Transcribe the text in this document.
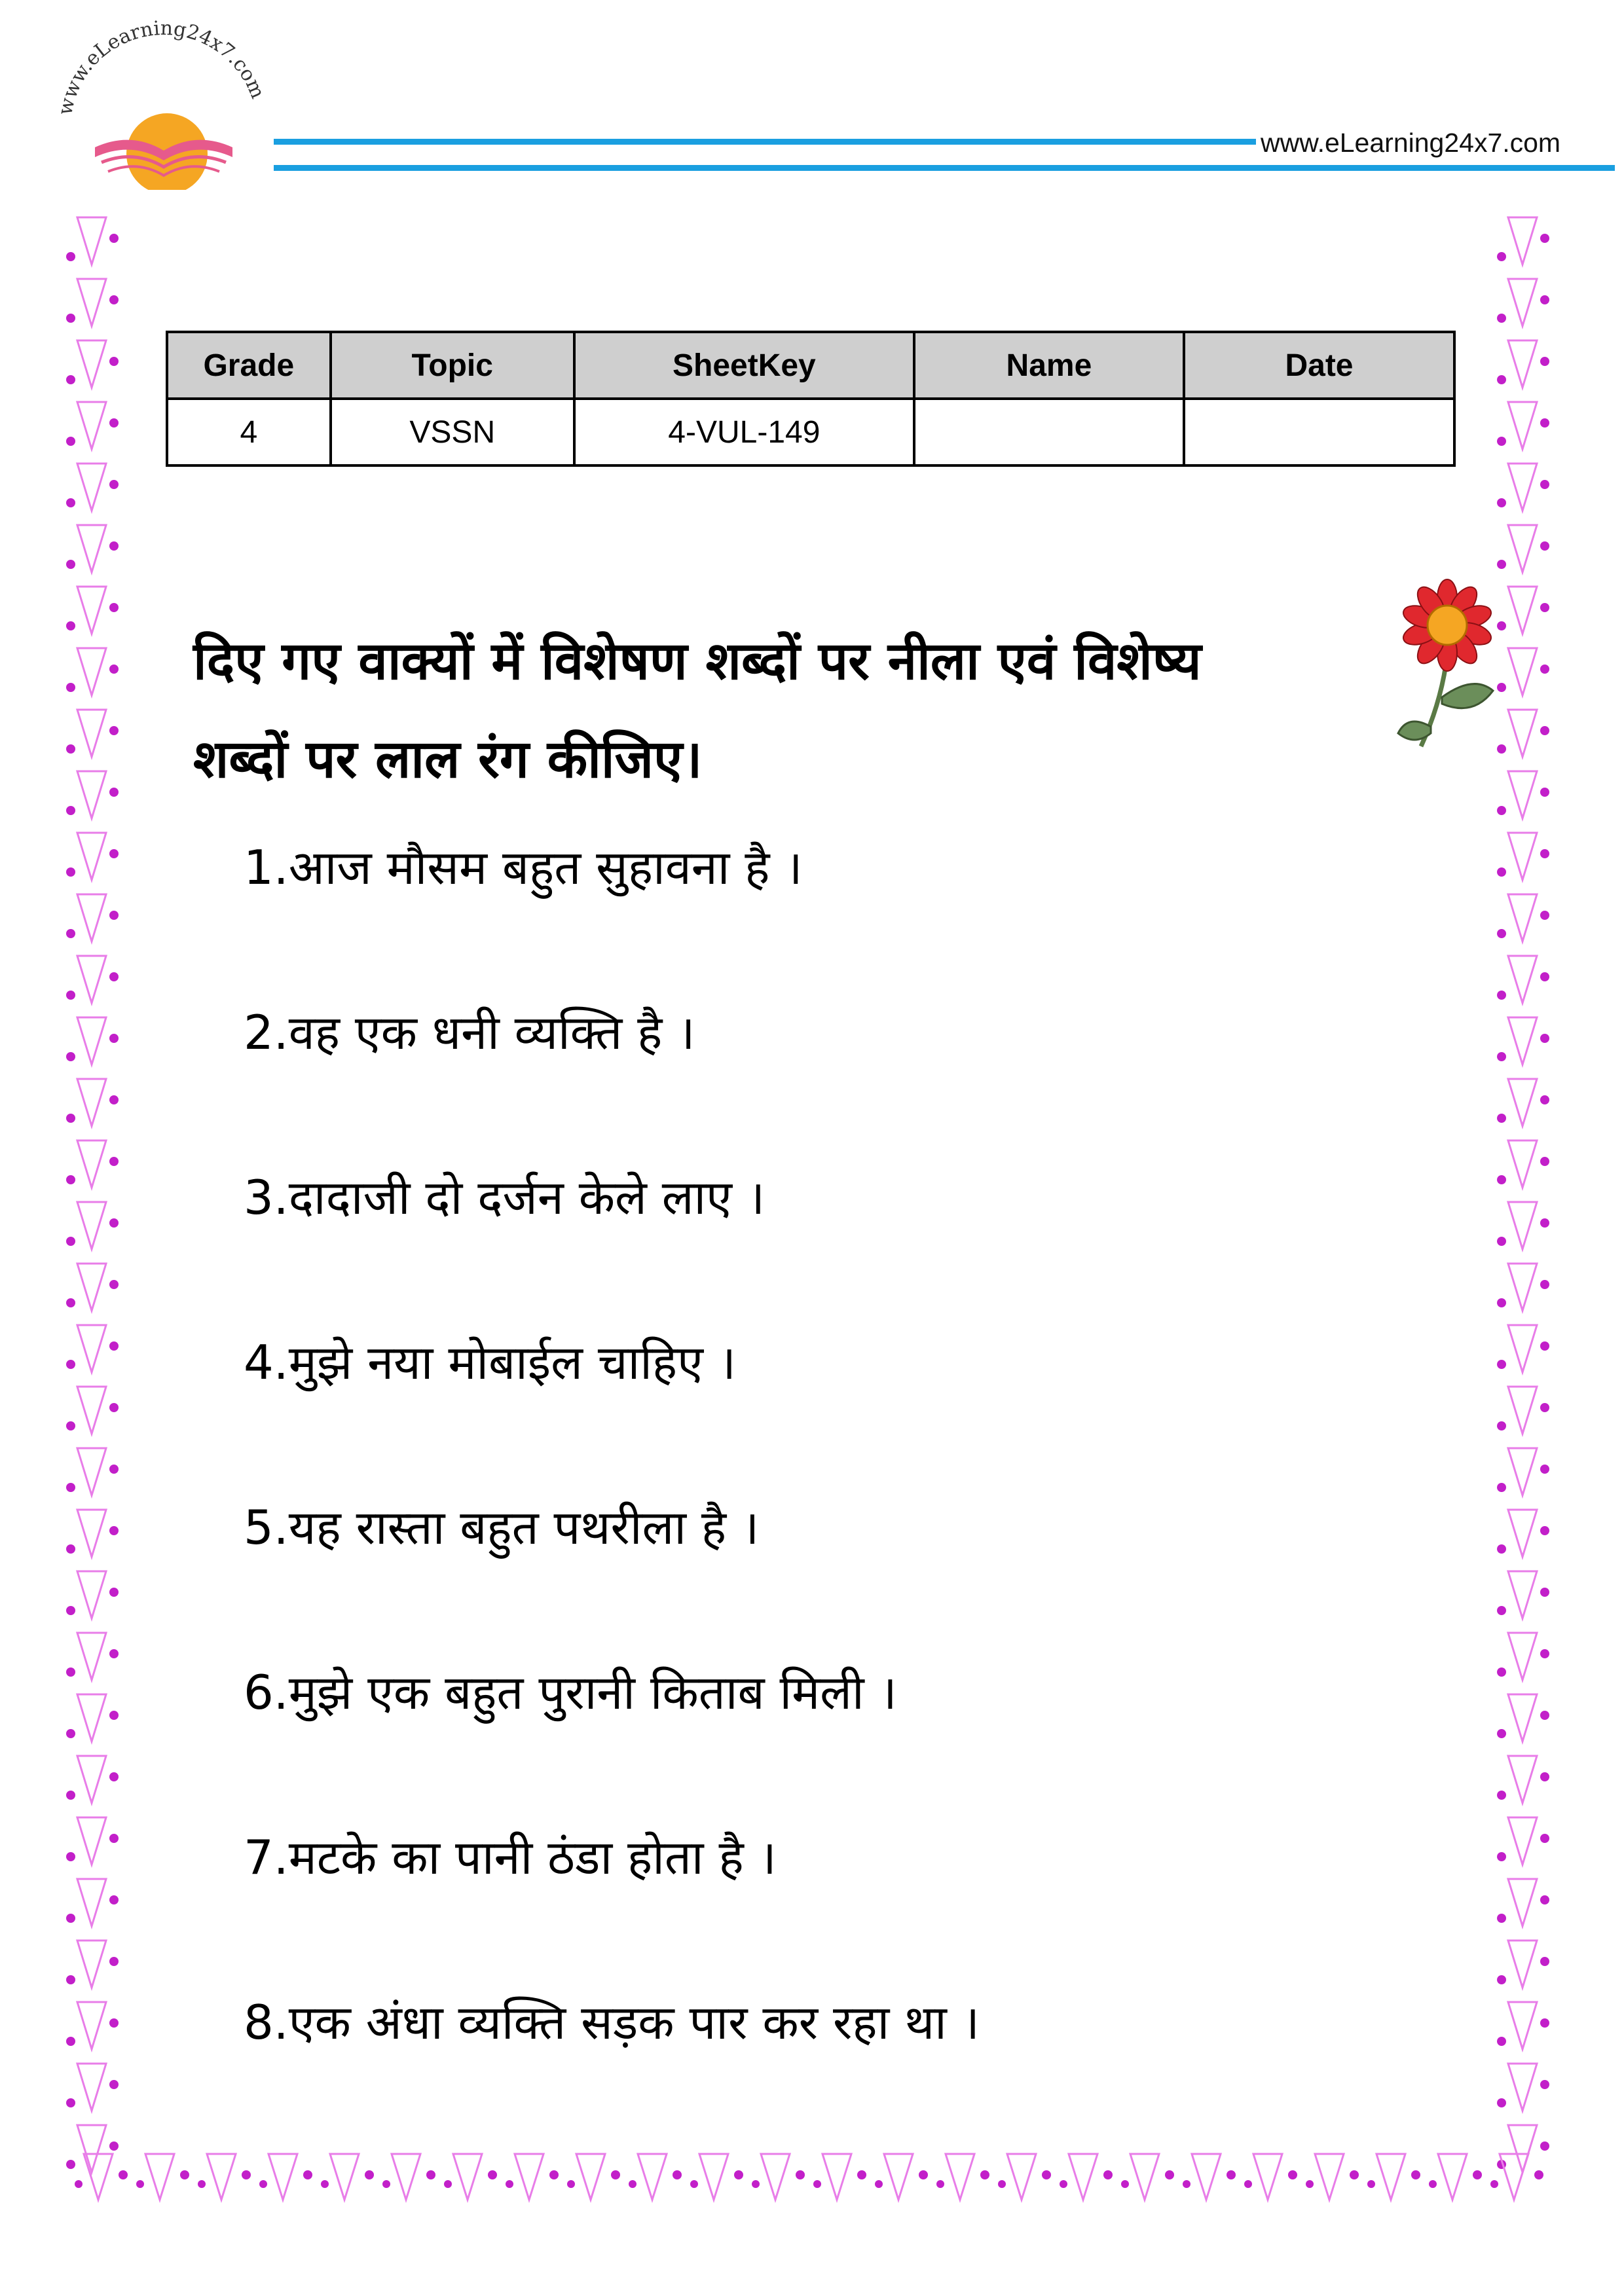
www.eLearning24x7.com
www.eLearning24x7.com
Grade	Topic	SheetKey	Name	Date
4	VSSN	4-VUL-149		
दिए गए वाक्यों में विशेषण शब्दों पर नीला एवं विशेष्य
शब्दों पर लाल रंग कीजिए।
1.आज मौसम बहुत सुहावना है ।
2.वह एक धनी व्यक्ति है ।
3.दादाजी दो दर्जन केले लाए ।
4.मुझे नया मोबाईल चाहिए ।
5.यह रास्ता बहुत पथरीला है ।
6.मुझे एक बहुत पुरानी किताब मिली ।
7.मटके का पानी ठंडा होता है ।
8.एक अंधा व्यक्ति सड़क पार कर रहा था ।
